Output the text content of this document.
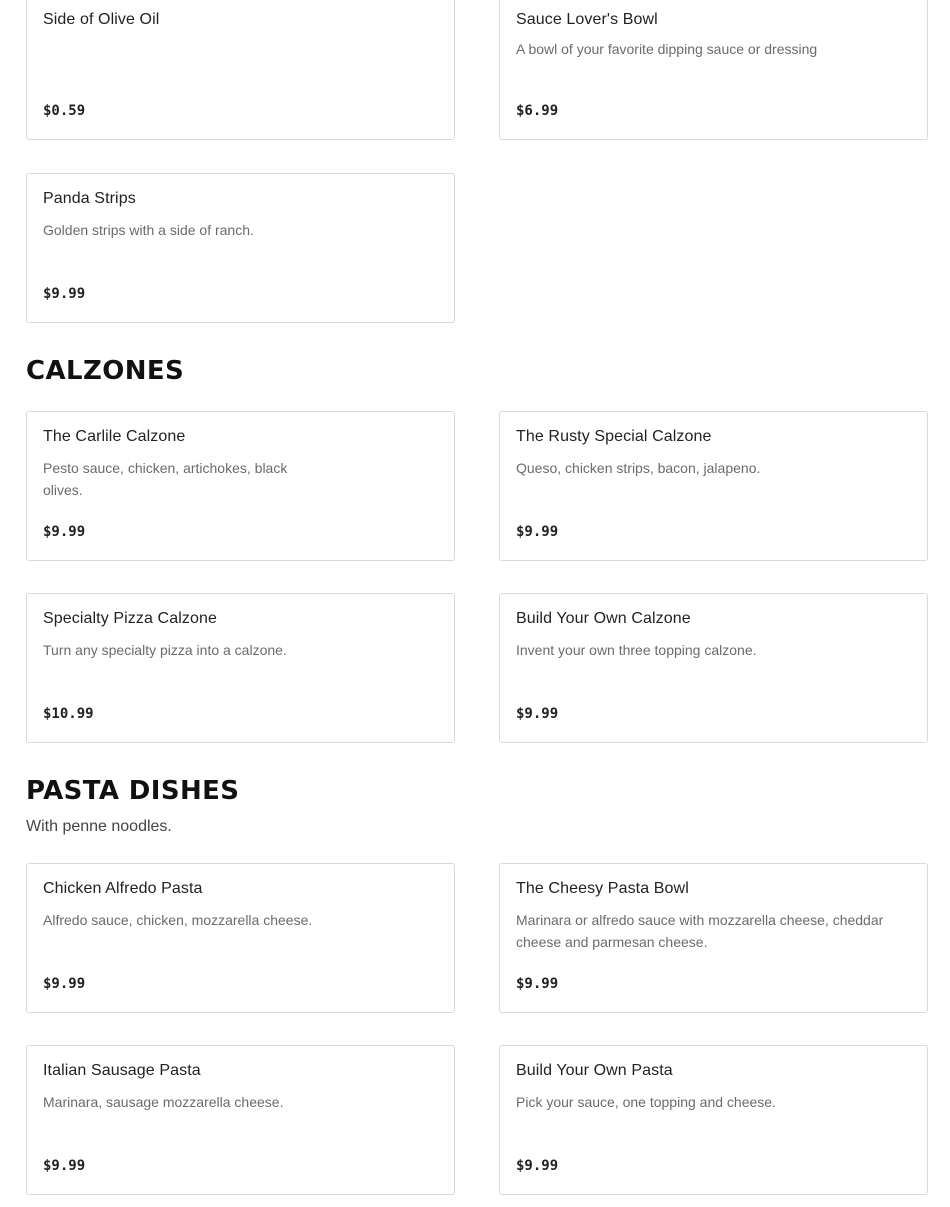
Side of Olive Oil
$0.59
Sauce Lover's Bowl
A bowl of your favorite dipping sauce or dressing
$6.99
Panda Strips
Golden strips with a side of ranch.
$9.99
CALZONES
The Carlile Calzone
Pesto sauce, chicken, artichokes, black olives.
$9.99
The Rusty Special Calzone
Queso, chicken strips, bacon, jalapeno.
$9.99
Specialty Pizza Calzone
Turn any specialty pizza into a calzone.
$10.99
Build Your Own Calzone
Invent your own three topping calzone.
$9.99
PASTA DISHES

With penne noodles.

Chicken Alfredo Pasta
Alfredo sauce, chicken, mozzarella cheese.
$9.99
The Cheesy Pasta Bowl
Marinara or alfredo sauce with mozzarella cheese, cheddar cheese and parmesan cheese.
$9.99
Italian Sausage Pasta
Marinara, sausage mozzarella cheese.
$9.99
Build Your Own Pasta
Pick your sauce, one topping and cheese.
$9.99
